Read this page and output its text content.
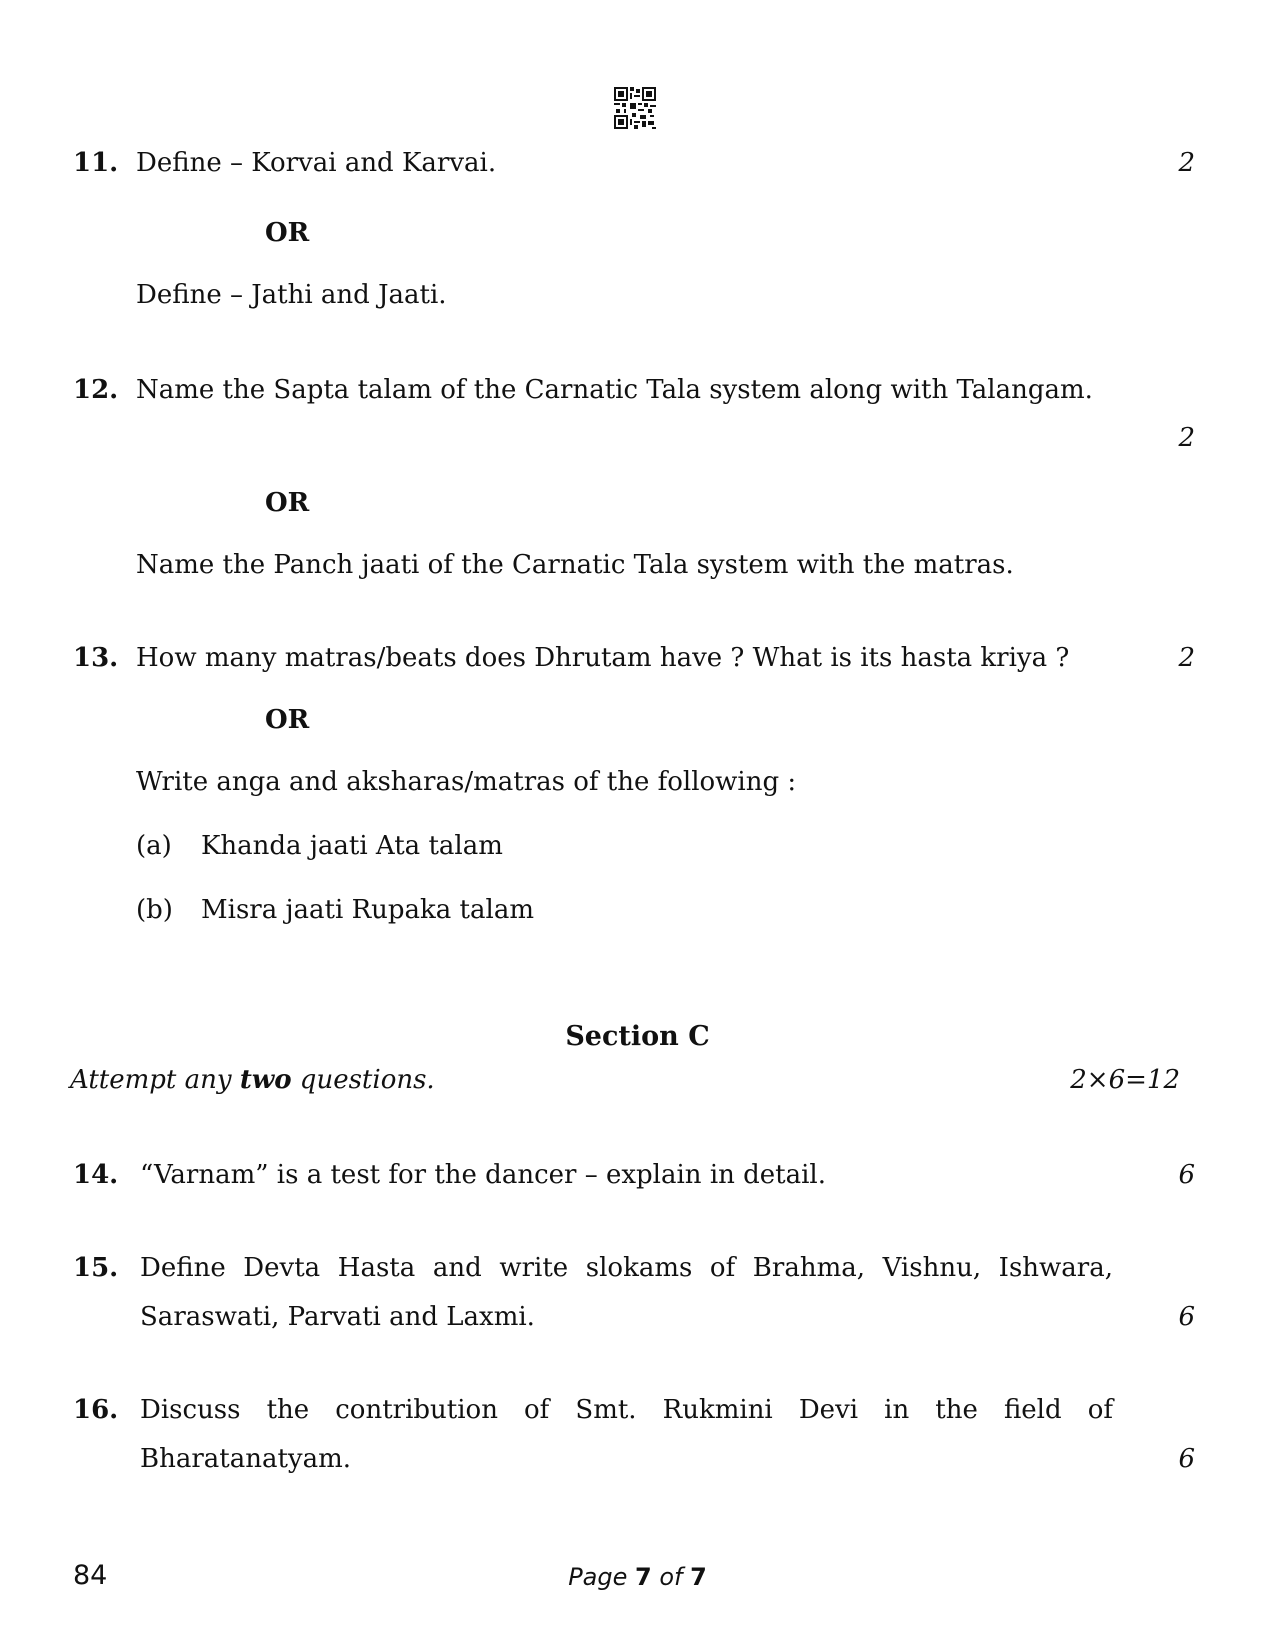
11. Define – Korvai and Karvai.	2
OR
Define – Jathi and Jaati.
12. Name the Sapta talam of the Carnatic Tala system along with Talangam.
2
OR
Name the Panch jaati of the Carnatic Tala system with the matras.
13. How many matras/beats does Dhrutam have ? What is its hasta kriya ?	2
OR
Write anga and aksharas/matras of the following :
(a) Khanda jaati Ata talam
(b) Misra jaati Rupaka talam
Section C
Attempt any two questions.	2×6=12
14. “Varnam” is a test for the dancer – explain in detail.	6
15. Define Devta Hasta and write slokams of Brahma, Vishnu, Ishwara,
Saraswati, Parvati and Laxmi.	6
16. Discuss the contribution of Smt. Rukmini Devi in the field of
Bharatanatyam.	6
84	Page 7 of 7
